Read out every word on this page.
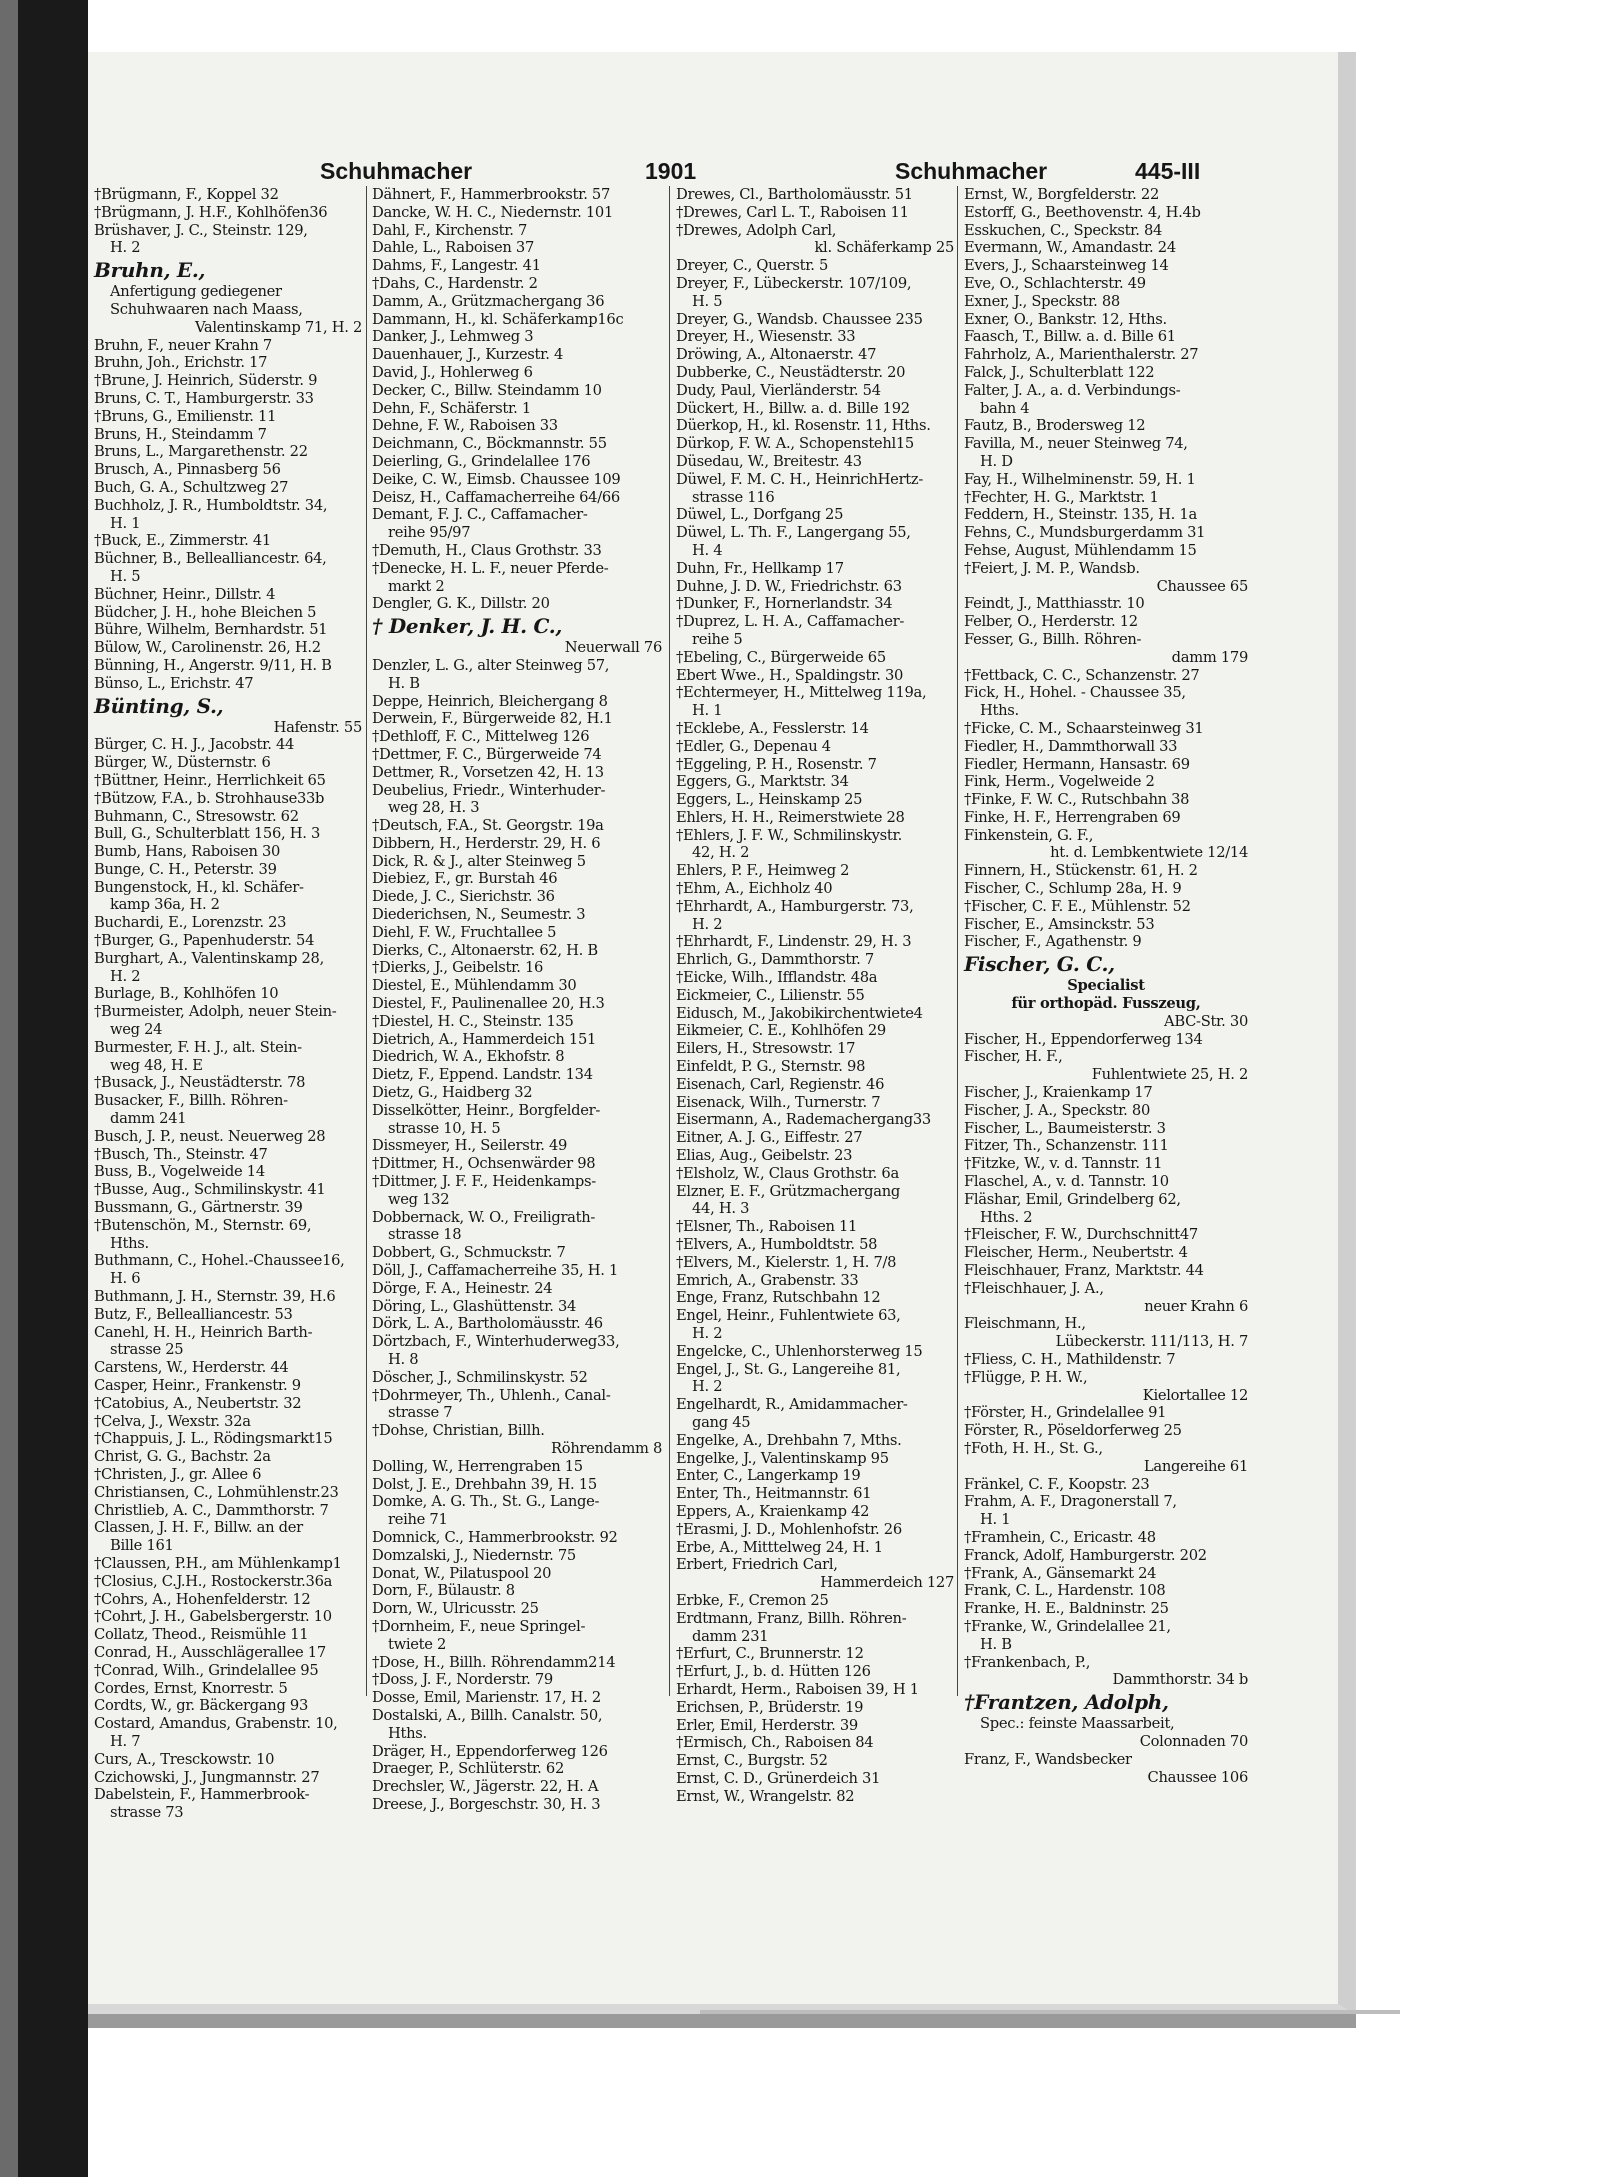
Schuhmacher	1901	Schuhmacher	445-III
†Brügmann, F., Koppel 32
†Brügmann, J. H.F., Kohlhöfen36
Brüshaver, J. C., Steinstr. 129,
H. 2
Bruhn, E.,
Anfertigung gediegener
Schuhwaaren nach Maass,
Valentinskamp 71, H. 2
Bruhn, F., neuer Krahn 7
Bruhn, Joh., Erichstr. 17
†Brune, J. Heinrich, Süderstr. 9
Bruns, C. T., Hamburgerstr. 33
†Bruns, G., Emilienstr. 11
Bruns, H., Steindamm 7
Bruns, L., Margarethenstr. 22
Brusch, A., Pinnasberg 56
Buch, G. A., Schultzweg 27
Buchholz, J. R., Humboldtstr. 34,
H. 1
†Buck, E., Zimmerstr. 41
Büchner, B., Bellealliancestr. 64,
H. 5
Büchner, Heinr., Dillstr. 4
Büdcher, J. H., hohe Bleichen 5
Bühre, Wilhelm, Bernhardstr. 51
Bülow, W., Carolinenstr. 26, H.2
Bünning, H., Angerstr. 9/11, H. B
Bünso, L., Erichstr. 47
Bünting, S.,
Hafenstr. 55
Bürger, C. H. J., Jacobstr. 44
Bürger, W., Düsternstr. 6
†Büttner, Heinr., Herrlichkeit 65
†Bützow, F.A., b. Strohhause33b
Buhmann, C., Stresowstr. 62
Bull, G., Schulterblatt 156, H. 3
Bumb, Hans, Raboisen 30
Bunge, C. H., Peterstr. 39
Bungenstock, H., kl. Schäfer-
kamp 36a, H. 2
Buchardi, E., Lorenzstr. 23
†Burger, G., Papenhuderstr. 54
Burghart, A., Valentinskamp 28,
H. 2
Burlage, B., Kohlhöfen 10
†Burmeister, Adolph, neuer Stein-
weg 24
Burmester, F. H. J., alt. Stein-
weg 48, H. E
†Busack, J., Neustädterstr. 78
Busacker, F., Billh. Röhren-
damm 241
Busch, J. P., neust. Neuerweg 28
†Busch, Th., Steinstr. 47
Buss, B., Vogelweide 14
†Busse, Aug., Schmilinskystr. 41
Bussmann, G., Gärtnerstr. 39
†Butenschön, M., Sternstr. 69,
Hths.
Buthmann, C., Hohel.-Chaussee16,
H. 6
Buthmann, J. H., Sternstr. 39, H.6
Butz, F., Bellealliancestr. 53
Canehl, H. H., Heinrich Barth-
strasse 25
Carstens, W., Herderstr. 44
Casper, Heinr., Frankenstr. 9
†Catobius, A., Neubertstr. 32
†Celva, J., Wexstr. 32a
†Chappuis, J. L., Rödingsmarkt15
Christ, G. G., Bachstr. 2a
†Christen, J., gr. Allee 6
Christiansen, C., Lohmühlenstr.23
Christlieb, A. C., Dammthorstr. 7
Classen, J. H. F., Billw. an der
Bille 161
†Claussen, P.H., am Mühlenkamp1
†Closius, C.J.H., Rostockerstr.36a
†Cohrs, A., Hohenfelderstr. 12
†Cohrt, J. H., Gabelsbergerstr. 10
Collatz, Theod., Reismühle 11
Conrad, H., Ausschlägerallee 17
†Conrad, Wilh., Grindelallee 95
Cordes, Ernst, Knorrestr. 5
Cordts, W., gr. Bäckergang 93
Costard, Amandus, Grabenstr. 10,
H. 7
Curs, A., Tresckowstr. 10
Czichowski, J., Jungmannstr. 27
Dabelstein, F., Hammerbrook-
strasse 73
Dähnert, F., Hammerbrookstr. 57
Dancke, W. H. C., Niedernstr. 101
Dahl, F., Kirchenstr. 7
Dahle, L., Raboisen 37
Dahms, F., Langestr. 41
†Dahs, C., Hardenstr. 2
Damm, A., Grützmachergang 36
Dammann, H., kl. Schäferkamp16c
Danker, J., Lehmweg 3
Dauenhauer, J., Kurzestr. 4
David, J., Hohlerweg 6
Decker, C., Billw. Steindamm 10
Dehn, F., Schäferstr. 1
Dehne, F. W., Raboisen 33
Deichmann, C., Böckmannstr. 55
Deierling, G., Grindelallee 176
Deike, C. W., Eimsb. Chaussee 109
Deisz, H., Caffamacherreihe 64/66
Demant, F. J. C., Caffamacher-
reihe 95/97
†Demuth, H., Claus Grothstr. 33
†Denecke, H. L. F., neuer Pferde-
markt 2
Dengler, G. K., Dillstr. 20
† Denker, J. H. C.,
Neuerwall 76
Denzler, L. G., alter Steinweg 57,
H. B
Deppe, Heinrich, Bleichergang 8
Derwein, F., Bürgerweide 82, H.1
†Dethloff, F. C., Mittelweg 126
†Dettmer, F. C., Bürgerweide 74
Dettmer, R., Vorsetzen 42, H. 13
Deubelius, Friedr., Winterhuder-
weg 28, H. 3
†Deutsch, F.A., St. Georgstr. 19a
Dibbern, H., Herderstr. 29, H. 6
Dick, R. & J., alter Steinweg 5
Diebiez, F., gr. Burstah 46
Diede, J. C., Sierichstr. 36
Diederichsen, N., Seumestr. 3
Diehl, F. W., Fruchtallee 5
Dierks, C., Altonaerstr. 62, H. B
†Dierks, J., Geibelstr. 16
Diestel, E., Mühlendamm 30
Diestel, F., Paulinenallee 20, H.3
†Diestel, H. C., Steinstr. 135
Dietrich, A., Hammerdeich 151
Diedrich, W. A., Ekhofstr. 8
Dietz, F., Eppend. Landstr. 134
Dietz, G., Haidberg 32
Disselkötter, Heinr., Borgfelder-
strasse 10, H. 5
Dissmeyer, H., Seilerstr. 49
†Dittmer, H., Ochsenwärder 98
†Dittmer, J. F. F., Heidenkamps-
weg 132
Dobbernack, W. O., Freiligrath-
strasse 18
Dobbert, G., Schmuckstr. 7
Döll, J., Caffamacherreihe 35, H. 1
Dörge, F. A., Heinestr. 24
Döring, L., Glashüttenstr. 34
Dörk, L. A., Bartholomäusstr. 46
Dörtzbach, F., Winterhuderweg33,
H. 8
Döscher, J., Schmilinskystr. 52
†Dohrmeyer, Th., Uhlenh., Canal-
strasse 7
†Dohse, Christian, Billh.
Röhrendamm 8
Dolling, W., Herrengraben 15
Dolst, J. E., Drehbahn 39, H. 15
Domke, A. G. Th., St. G., Lange-
reihe 71
Domnick, C., Hammerbrookstr. 92
Domzalski, J., Niedernstr. 75
Donat, W., Pilatuspool 20
Dorn, F., Bülaustr. 8
Dorn, W., Ulricusstr. 25
†Dornheim, F., neue Springel-
twiete 2
†Dose, H., Billh. Röhrendamm214
†Doss, J. F., Norderstr. 79
Dosse, Emil, Marienstr. 17, H. 2
Dostalski, A., Billh. Canalstr. 50,
Hths.
Dräger, H., Eppendorferweg 126
Draeger, P., Schlüterstr. 62
Drechsler, W., Jägerstr. 22, H. A
Dreese, J., Borgeschstr. 30, H. 3
Drewes, Cl., Bartholomäusstr. 51
†Drewes, Carl L. T., Raboisen 11
†Drewes, Adolph Carl,
kl. Schäferkamp 25
Dreyer, C., Querstr. 5
Dreyer, F., Lübeckerstr. 107/109,
H. 5
Dreyer, G., Wandsb. Chaussee 235
Dreyer, H., Wiesenstr. 33
Dröwing, A., Altonaerstr. 47
Dubberke, C., Neustädterstr. 20
Dudy, Paul, Vierländerstr. 54
Dückert, H., Billw. a. d. Bille 192
Düerkop, H., kl. Rosenstr. 11, Hths.
Dürkop, F. W. A., Schopenstehl15
Düsedau, W., Breitestr. 43
Düwel, F. M. C. H., HeinrichHertz-
strasse 116
Düwel, L., Dorfgang 25
Düwel, L. Th. F., Langergang 55,
H. 4
Duhn, Fr., Hellkamp 17
Duhne, J. D. W., Friedrichstr. 63
†Dunker, F., Hornerlandstr. 34
†Duprez, L. H. A., Caffamacher-
reihe 5
†Ebeling, C., Bürgerweide 65
Ebert Wwe., H., Spaldingstr. 30
†Echtermeyer, H., Mittelweg 119a,
H. 1
†Ecklebe, A., Fesslerstr. 14
†Edler, G., Depenau 4
†Eggeling, P. H., Rosenstr. 7
Eggers, G., Marktstr. 34
Eggers, L., Heinskamp 25
Ehlers, H. H., Reimerstwiete 28
†Ehlers, J. F. W., Schmilinskystr.
42, H. 2
Ehlers, P. F., Heimweg 2
†Ehm, A., Eichholz 40
†Ehrhardt, A., Hamburgerstr. 73,
H. 2
†Ehrhardt, F., Lindenstr. 29, H. 3
Ehrlich, G., Dammthorstr. 7
†Eicke, Wilh., Ifflandstr. 48a
Eickmeier, C., Lilienstr. 55
Eidusch, M., Jakobikirchentwiete4
Eikmeier, C. E., Kohlhöfen 29
Eilers, H., Stresowstr. 17
Einfeldt, P. G., Sternstr. 98
Eisenach, Carl, Regienstr. 46
Eisenack, Wilh., Turnerstr. 7
Eisermann, A., Rademachergang33
Eitner, A. J. G., Eiffestr. 27
Elias, Aug., Geibelstr. 23
†Elsholz, W., Claus Grothstr. 6a
Elzner, E. F., Grützmachergang
44, H. 3
†Elsner, Th., Raboisen 11
†Elvers, A., Humboldtstr. 58
†Elvers, M., Kielerstr. 1, H. 7/8
Emrich, A., Grabenstr. 33
Enge, Franz, Rutschbahn 12
Engel, Heinr., Fuhlentwiete 63,
H. 2
Engelcke, C., Uhlenhorsterweg 15
Engel, J., St. G., Langereihe 81,
H. 2
Engelhardt, R., Amidammacher-
gang 45
Engelke, A., Drehbahn 7, Mths.
Engelke, J., Valentinskamp 95
Enter, C., Langerkamp 19
Enter, Th., Heitmannstr. 61
Eppers, A., Kraienkamp 42
†Erasmi, J. D., Mohlenhofstr. 26
Erbe, A., Mitttelweg 24, H. 1
Erbert, Friedrich Carl,
Hammerdeich 127
Erbke, F., Cremon 25
Erdtmann, Franz, Billh. Röhren-
damm 231
†Erfurt, C., Brunnerstr. 12
†Erfurt, J., b. d. Hütten 126
Erhardt, Herm., Raboisen 39, H 1
Erichsen, P., Brüderstr. 19
Erler, Emil, Herderstr. 39
†Ermisch, Ch., Raboisen 84
Ernst, C., Burgstr. 52
Ernst, C. D., Grünerdeich 31
Ernst, W., Wrangelstr. 82
Ernst, W., Borgfelderstr. 22
Estorff, G., Beethovenstr. 4, H.4b
Esskuchen, C., Speckstr. 84
Evermann, W., Amandastr. 24
Evers, J., Schaarsteinweg 14
Eve, O., Schlachterstr. 49
Exner, J., Speckstr. 88
Exner, O., Bankstr. 12, Hths.
Faasch, T., Billw. a. d. Bille 61
Fahrholz, A., Marienthalerstr. 27
Falck, J., Schulterblatt 122
Falter, J. A., a. d. Verbindungs-
bahn 4
Fautz, B., Brodersweg 12
Favilla, M., neuer Steinweg 74,
H. D
Fay, H., Wilhelminenstr. 59, H. 1
†Fechter, H. G., Marktstr. 1
Feddern, H., Steinstr. 135, H. 1a
Fehns, C., Mundsburgerdamm 31
Fehse, August, Mühlendamm 15
†Feiert, J. M. P., Wandsb.
Chaussee 65
Feindt, J., Matthiasstr. 10
Felber, O., Herderstr. 12
Fesser, G., Billh. Röhren-
damm 179
†Fettback, C. C., Schanzenstr. 27
Fick, H., Hohel. - Chaussee 35,
Hths.
†Ficke, C. M., Schaarsteinweg 31
Fiedler, H., Dammthorwall 33
Fiedler, Hermann, Hansastr. 69
Fink, Herm., Vogelweide 2
†Finke, F. W. C., Rutschbahn 38
Finke, H. F., Herrengraben 69
Finkenstein, G. F.,
ht. d. Lembkentwiete 12/14
Finnern, H., Stückenstr. 61, H. 2
Fischer, C., Schlump 28a, H. 9
†Fischer, C. F. E., Mühlenstr. 52
Fischer, E., Amsinckstr. 53
Fischer, F., Agathenstr. 9
Fischer, G. C.,
Specialist
für orthopäd. Fusszeug,
ABC-Str. 30
Fischer, H., Eppendorferweg 134
Fischer, H. F.,
Fuhlentwiete 25, H. 2
Fischer, J., Kraienkamp 17
Fischer, J. A., Speckstr. 80
Fischer, L., Baumeisterstr. 3
Fitzer, Th., Schanzenstr. 111
†Fitzke, W., v. d. Tannstr. 11
Flaschel, A., v. d. Tannstr. 10
Fläshar, Emil, Grindelberg 62,
Hths. 2
†Fleischer, F. W., Durchschnitt47
Fleischer, Herm., Neubertstr. 4
Fleischhauer, Franz, Marktstr. 44
†Fleischhauer, J. A.,
neuer Krahn 6
Fleischmann, H.,
Lübeckerstr. 111/113, H. 7
†Fliess, C. H., Mathildenstr. 7
†Flügge, P. H. W.,
Kielortallee 12
†Förster, H., Grindelallee 91
Förster, R., Pöseldorferweg 25
†Foth, H. H., St. G.,
Langereihe 61
Fränkel, C. F., Koopstr. 23
Frahm, A. F., Dragonerstall 7,
H. 1
†Framhein, C., Ericastr. 48
Franck, Adolf, Hamburgerstr. 202
†Frank, A., Gänsemarkt 24
Frank, C. L., Hardenstr. 108
Franke, H. E., Baldninstr. 25
†Franke, W., Grindelallee 21,
H. B
†Frankenbach, P.,
Dammthorstr. 34 b
†Frantzen, Adolph,
Spec.: feinste Maassarbeit,
Colonnaden 70
Franz, F., Wandsbecker
Chaussee 106
